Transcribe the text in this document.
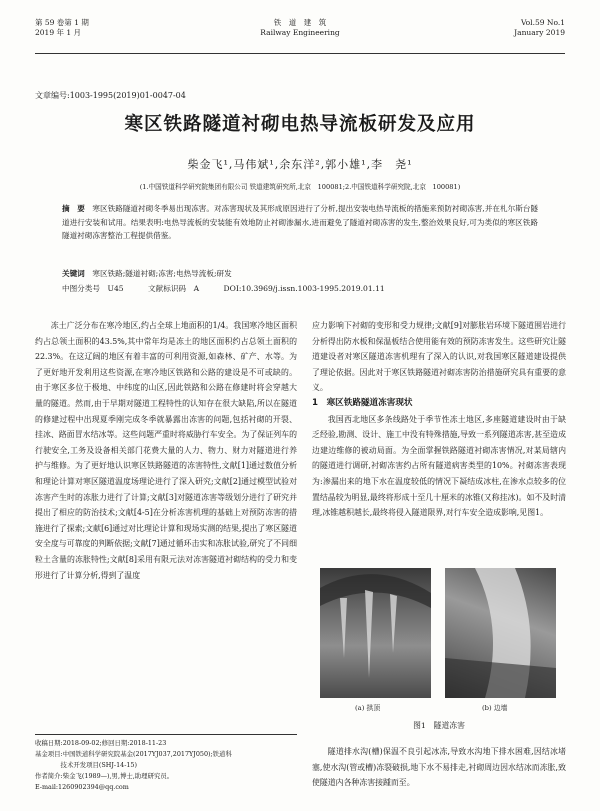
第 59 卷第 1 期
2019 年 1 月
铁　道　建　筑
Railway Engineering
Vol.59 No.1
January 2019
文章编号:1003-1995(2019)01-0047-04
寒区铁路隧道衬砌电热导流板研发及应用
柴金飞¹,马伟斌¹,余东洋²,郭小雄¹,李　尧¹
(1.中国铁道科学研究院集团有限公司 铁道建筑研究所,北京　100081;2.中国铁道科学研究院,北京　100081)
摘　要　 寒区铁路隧道衬砌冬季易出现冻害。对冻害现状及其形成原因进行了分析,提出安装电热导流板的措施来预防衬砌冻害,并在札尔斯台隧道进行安装和试用。结果表明:电热导流板的安装能有效地防止衬砌渗漏水,进而避免了隧道衬砌冻害的发生,整治效果良好,可为类似的寒区铁路隧道衬砌冻害整治工程提供借鉴。
关键词　 寒区铁路;隧道衬砌;冻害;电热导流板;研发
中图分类号　U45	文献标识码　A	DOI:10.3969/j.issn.1003-1995.2019.01.11

冻土广泛分布在寒冷地区,约占全球上地面积的1/4。我国寒冷地区面积约占总领土面积的43.5%,其中常年均是冻土的地区面积约占总领土面积的22.3%。在这辽阔的地区有着丰富的可利用资源,如森林、矿产、水等。为了更好地开发利用这些资源,在寒冷地区铁路和公路的建设是不可或缺的。由于寒区多位于极地、中纬度的山区,因此铁路和公路在修建时将会穿越大量的隧道。然而,由于早期对隧道工程特性的认知存在很大缺陷,所以在隧道的修建过程中出现夏季刚完成冬季就暴露出冻害的问题,包括衬砌的开裂、挂冰、路面冒水结冰等。这些问题严重时将威胁行车安全。为了保证列车的行驶安全,工务及设备相关部门花费大量的人力、物力、财力对隧道进行养护与维修。为了更好地认识寒区铁路隧道的冻害特性,文献[1]通过数值分析和理论计算对寒区隧道温度场理论进行了深入研究;文献[2]通过模型试验对冻害产生时的冻胀力进行了计算;文献[3]对隧道冻害等级划分进行了研究并提出了相应的防治技术;文献[4-5]在分析冻害机理的基础上对预防冻害的措施进行了探索;文献[6]通过对比理论计算和现场实测的结果,提出了寒区隧道安全度与可靠度的判断依据;文献[7]通过循环击实和冻胀试验,研究了不同细粒土含量的冻胀特性;文献[8]采用有限元法对冻害隧道衬砌结构的受力和变形进行了计算分析,得到了温度

应力影响下衬砌的变形和受力规律;文献[9]对膨胀岩环境下隧道围岩进行分析得出防水板和保温板结合使用能有效的预防冻害发生。这些研究让隧道建设者对寒区隧道冻害机理有了深入的认识,对我国寒区隧道建设提供了理论依据。因此对于寒区铁路隧道衬砌冻害防治措施研究具有重要的意义。

1　寒区铁路隧道冻害现状

我国西北地区多条线路处于季节性冻土地区,多座隧道建设时由于缺乏经验,勘测、设计、施工中没有特殊措施,导致一系列隧道冻害,甚至造成边建边维修的被动局面。为全面掌握铁路隧道衬砌冻害情况,对某局辖内的隧道进行调研,衬砌冻害约占所有隧道病害类型的10%。衬砌冻害表现为:渗漏出来的地下水在温度较低的情况下凝结成冰柱,在渗水点较多的位置结晶较为明显,最终将形成十至几十厘米的冰锥(又称挂冰)。如不及时清理,冰锥越积越长,最终将侵入隧道限界,对行车安全造成影响,见图1。

(a) 拱顶	(b) 边墙
图1　隧道冻害
收稿日期:2018-09-02;修回日期:2018-11-23
基金项目:中国铁道科学研究院基金(2017YJ037,2017YJ050);铁道科
　　　　技术开发项目(SHJ-14-15)
作者简介:柴金飞(1989—),男,博士,助理研究员。
E-mail:1260902394@qq.com

隧道排水沟(槽)保温不良引起冰冻,导致水沟地下排水困难,因结冰堵塞,使水沟(管或槽)冻裂破损,地下水不易排走,衬砌周边因水结冰而冻胀,致使隧道内各种冻害接踵而至。
